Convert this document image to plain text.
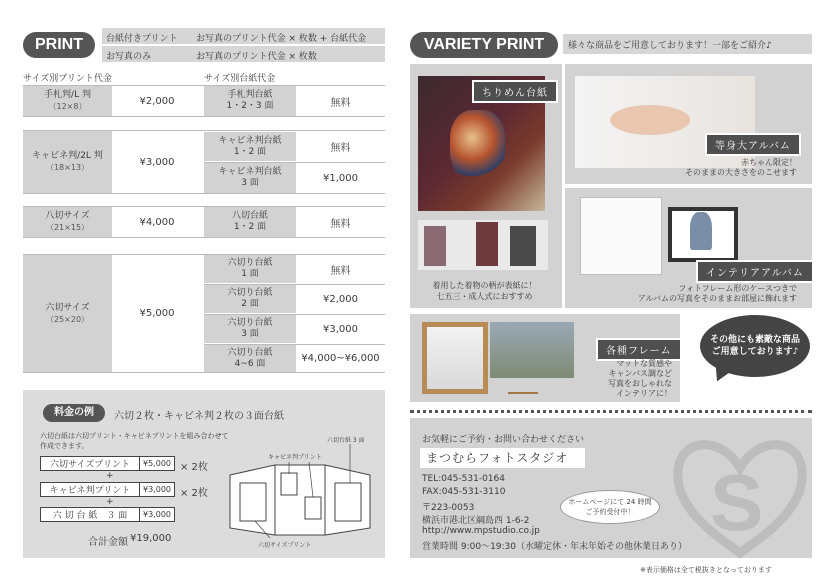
PRINT	台紙付きプリント お写真のプリント代金 × 枚数 + 台紙代金
お写真のみ	お写真のプリント代金 × 枚数
サイズ別プリント代金	サイズ別台紙代金
手札判/L 判
（12×8）	¥2,000
手札判台紙
1・2・3 面	無料
キャビネ判/2L 判
（18×13）	¥3,000
キャビネ判台紙
1・2 面	無料
キャビネ判台紙
3 面	¥1,000
八切サイズ
（21×15）	¥4,000
八切台紙
1・2 面	無料
六切サイズ
（25×20）	¥5,000
六切り台紙
1 面	無料
六切り台紙
2 面	¥2,000
六切り台紙
3 面	¥3,000
六切り台紙
4~6 面	¥4,000~¥6,000
料金の例	六切２枚・キャビネ判２枚の３面台紙
六切台紙は六切プリント・キャビネプリントを組み合わせて作成できます。
六切サイズプリント	¥5,000 × 2枚
+
キャビネ判プリント	¥3,000 × 2枚
+
六 切 台 紙　３ 面	¥3,000
合計金額 ¥19,000
六切台紙 3 面
キャビネ判プリント
六切サイズプリント
VARIETY PRINT	様々な商品をご用意しております！一部をご紹介♪
ちりめん台紙
着用した着物の柄が表紙に！
七五三・成人式におすすめ
等身大アルバム
赤ちゃん限定！
そのままの大きさをのこせます
インテリアアルバム
フォトフレーム形のケースつきで
アルバムの写真をそのままお部屋に飾れます
各種フレーム
マットな質感や
キャンバス調など
写真をおしゃれな
インテリアに！
その他にも素敵な商品
ご用意しております♪
S
お気軽にご予約・お問い合わせください
まつむらフォトスタジオ
TEL:045-531-0164
FAX:045-531-3110
〒223-0053
横浜市港北区綱島西 1-6-2
http://www.mpstudio.co.jp
営業時間 9:00～19:30（水曜定休・年末年始その他休業日あり）
ホームページにて 24 時間
ご予約受付中！
※表示価格は全て税抜きとなっております
